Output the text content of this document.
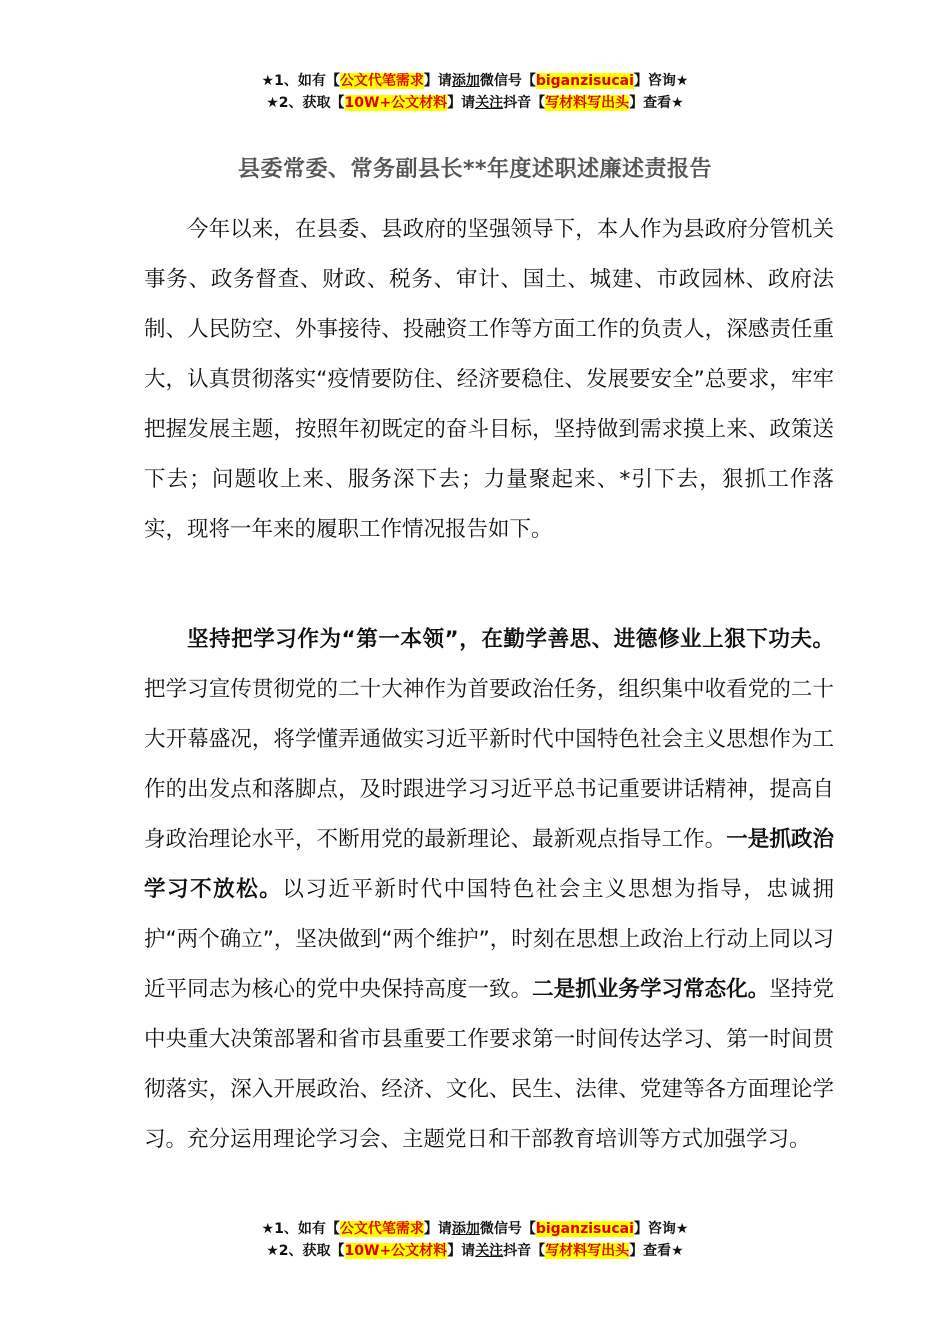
★1、如有【公文代笔需求】请添加微信号【biganzisucai】咨询★
★2、获取【10W+公文材料】请关注抖音【写材料写出头】查看★
县委常委、常务副县长**年度述职述廉述责报告

今年以来，在县委、县政府的坚强领导下，本人作为县政府分管机关事务、政务督查、财政、税务、审计、国土、城建、市政园林、政府法制、人民防空、外事接待、投融资工作等方面工作的负责人，深感责任重大，认真贯彻落实“疫情要防住、经济要稳住、发展要安全”总要求，牢牢把握发展主题，按照年初既定的奋斗目标，坚持做到需求摸上来、政策送下去；问题收上来、服务深下去；力量聚起来、*引下去，狠抓工作落实，现将一年来的履职工作情况报告如下。

坚持把学习作为“第一本领”，在勤学善思、进德修业上狠下功夫。把学习宣传贯彻党的二十大神作为首要政治任务，组织集中收看党的二十大开幕盛况，将学懂弄通做实习近平新时代中国特色社会主义思想作为工作的出发点和落脚点，及时跟进学习习近平总书记重要讲话精神，提高自身政治理论水平，不断用党的最新理论、最新观点指导工作。一是抓政治学习不放松。以习近平新时代中国特色社会主义思想为指导，忠诚拥护“两个确立”，坚决做到“两个维护”，时刻在思想上政治上行动上同以习近平同志为核心的党中央保持高度一致。二是抓业务学习常态化。坚持党中央重大决策部署和省市县重要工作要求第一时间传达学习、第一时间贯彻落实，深入开展政治、经济、文化、民生、法律、党建等各方面理论学习。充分运用理论学习会、主题党日和干部教育培训等方式加强学习。

★1、如有【公文代笔需求】请添加微信号【biganzisucai】咨询★
★2、获取【10W+公文材料】请关注抖音【写材料写出头】查看★
